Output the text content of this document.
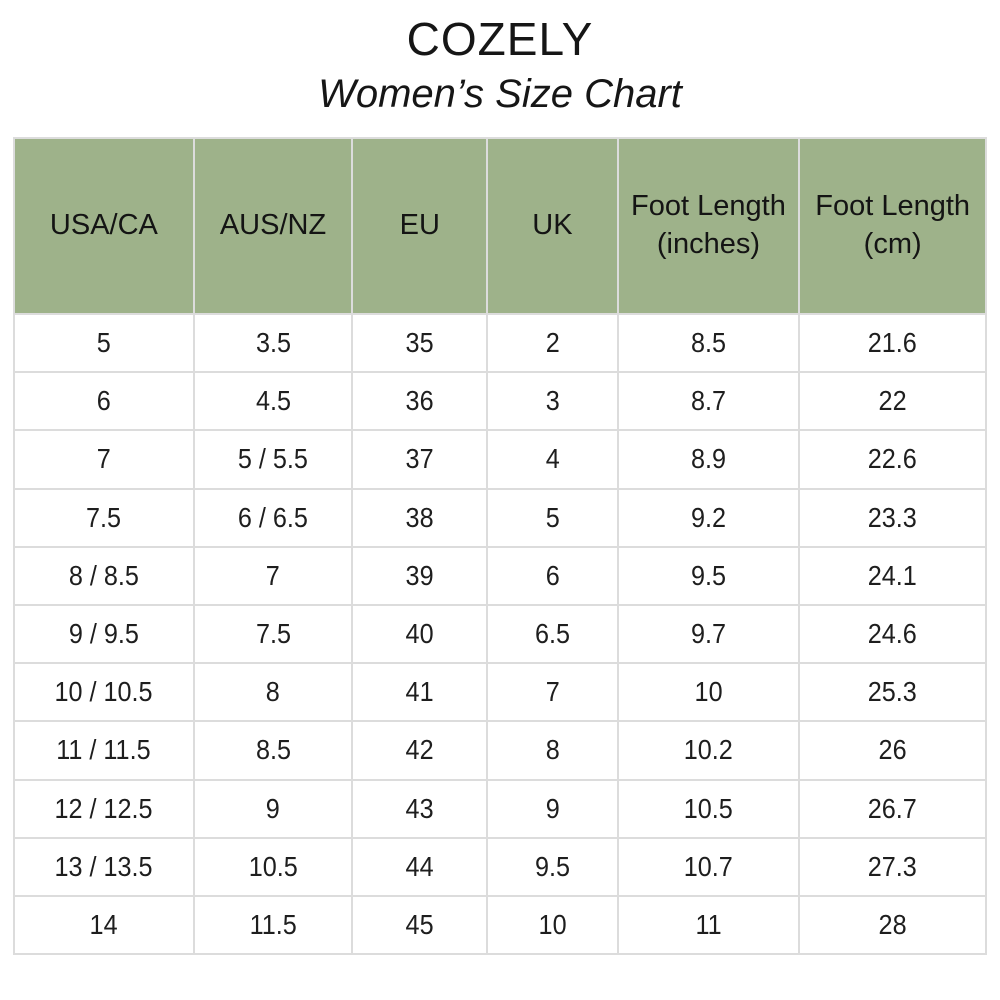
COZELY
Women’s Size Chart
USA/CA	AUS/NZ	EU	UK	Foot Length (inches)	Foot Length (cm)
5	3.5	35	2	8.5	21.6
6	4.5	36	3	8.7	22
7	5 / 5.5	37	4	8.9	22.6
7.5	6 / 6.5	38	5	9.2	23.3
8 / 8.5	7	39	6	9.5	24.1
9 / 9.5	7.5	40	6.5	9.7	24.6
10 / 10.5	8	41	7	10	25.3
11 / 11.5	8.5	42	8	10.2	26
12 / 12.5	9	43	9	10.5	26.7
13 / 13.5	10.5	44	9.5	10.7	27.3
14	11.5	45	10	11	28
